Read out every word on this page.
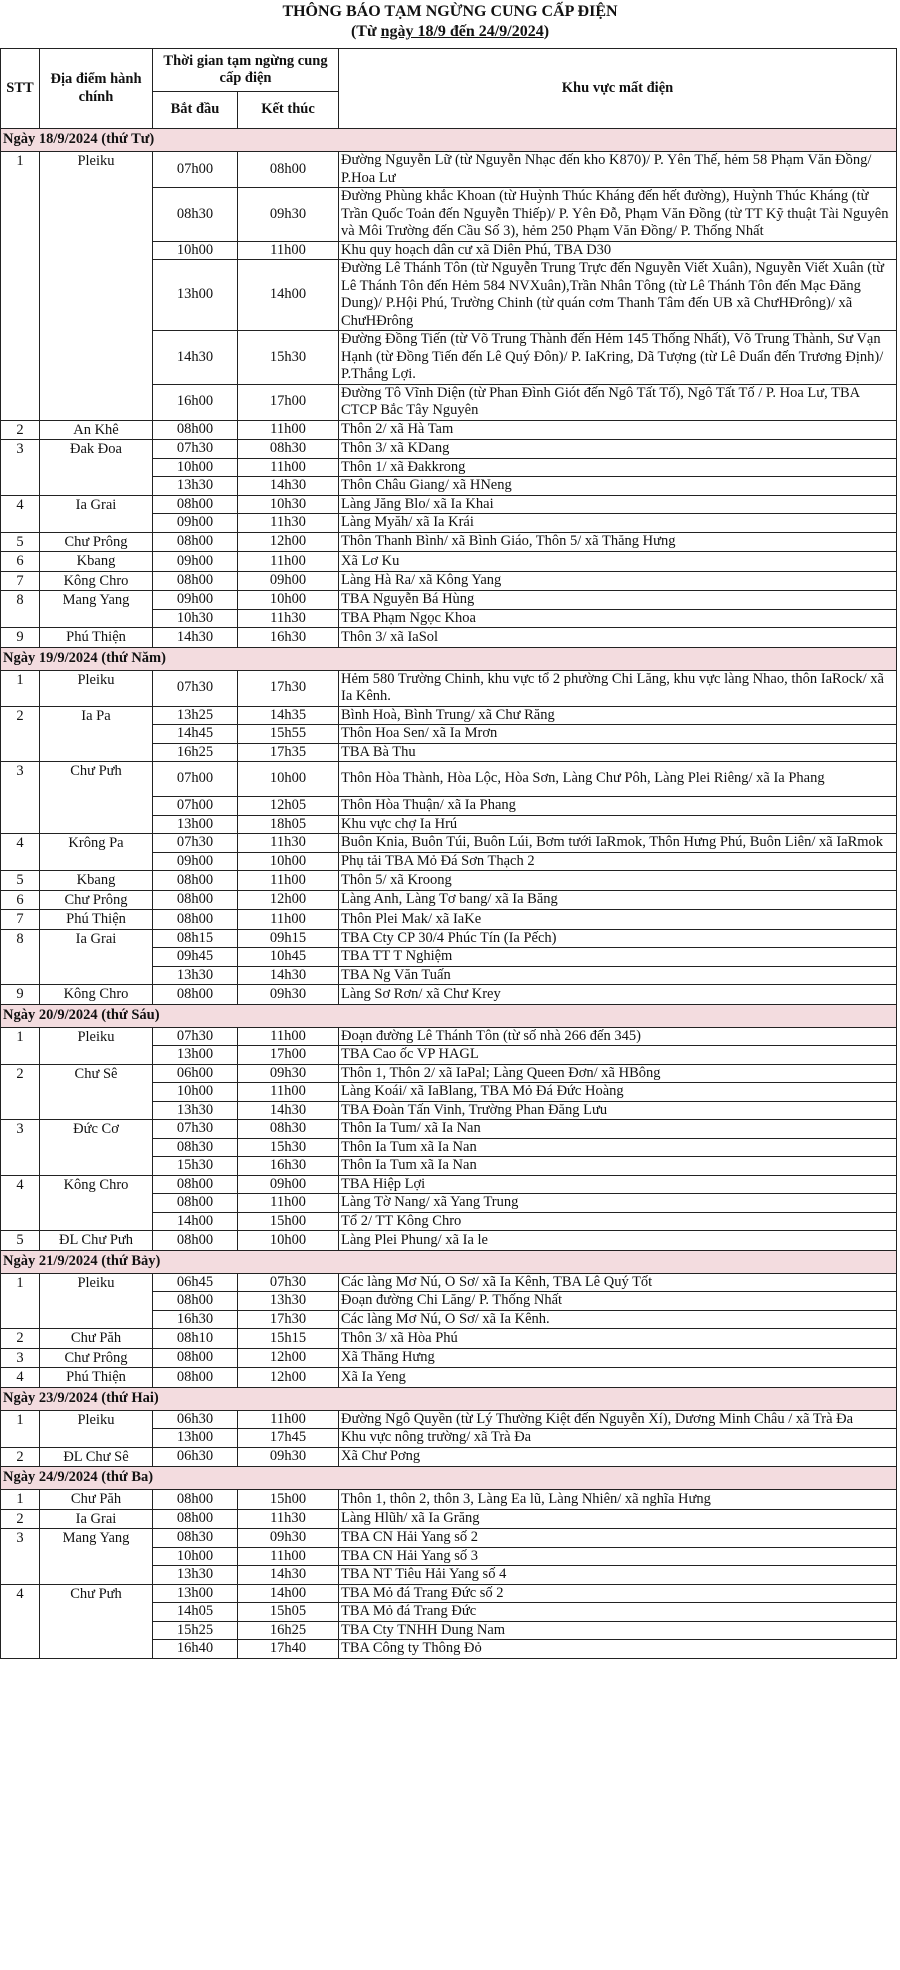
THÔNG BÁO TẠM NGỪNG CUNG CẤP ĐIỆN
(Từ ngày 18/9 đến 24/9/2024)
STT	Địa điểm hành chính	Thời gian tạm ngừng cung cấp điện		Khu vực mất điện
		Bắt đầu	Kết thúc	
Ngày 18/9/2024 (thứ Tư)				
1	Pleiku	07h00	08h00	Đường Nguyễn Lữ (từ Nguyễn Nhạc đến kho K870)/ P. Yên Thế, hẻm 58 Phạm Văn Đồng/ P.Hoa Lư
		08h30	09h30	Đường Phùng khắc Khoan (từ Huỳnh Thúc Kháng đến hết đường), Huỳnh Thúc Kháng (từ Trần Quốc Toản đến Nguyễn Thiếp)/ P. Yên Đỗ, Phạm Văn Đồng (từ TT Kỹ thuật Tài Nguyên và Môi Trường đến Cầu Số 3), hẻm 250 Phạm Văn Đồng/ P. Thống Nhất
		10h00	11h00	Khu quy hoạch dân cư xã Diên Phú, TBA D30
		13h00	14h00	Đường Lê Thánh Tôn (từ Nguyễn Trung Trực đến Nguyễn Viết Xuân), Nguyễn Viết Xuân (từ Lê Thánh Tôn đến Hẻm 584 NVXuân),Trần Nhân Tông (từ Lê Thánh Tôn đến Mạc Đăng Dung)/ P.Hội Phú, Trường Chinh (từ quán cơm Thanh Tâm đến UB xã ChưHĐrông)/ xã ChưHĐrông
		14h30	15h30	Đường Đồng Tiến (từ Võ Trung Thành đến Hẻm 145 Thống Nhất), Võ Trung Thành, Sư Vạn Hạnh (từ Đồng Tiến đến Lê Quý Đôn)/ P. IaKring, Dã Tượng (từ Lê Duẩn đến Trương Định)/ P.Thắng Lợi.
		16h00	17h00	Đường Tô Vĩnh Diện (từ Phan Đình Giót đến Ngô Tất Tố), Ngô Tất Tố / P. Hoa Lư, TBA CTCP Bắc Tây Nguyên
2	An Khê	08h00	11h00	Thôn 2/ xã Hà Tam
3	Đak Đoa	07h30	08h30	Thôn 3/ xã KDang
		10h00	11h00	Thôn 1/ xã Đakkrong
		13h30	14h30	Thôn Châu Giang/ xã HNeng
4	Ia Grai	08h00	10h30	Làng Jăng Blo/ xã Ia Khai
		09h00	11h30	Làng Myăh/ xã Ia Krái
5	Chư Prông	08h00	12h00	Thôn Thanh Bình/ xã Bình Giáo, Thôn 5/ xã Thăng Hưng
6	Kbang	09h00	11h00	Xã Lơ Ku
7	Kông Chro	08h00	09h00	Làng Hà Ra/ xã Kông Yang
8	Mang Yang	09h00	10h00	TBA Nguyễn Bá Hùng
		10h30	11h30	TBA Phạm Ngọc Khoa
9	Phú Thiện	14h30	16h30	Thôn 3/ xã IaSol
Ngày 19/9/2024 (thứ Năm)				
1	Pleiku	07h30	17h30	Hẻm 580 Trường Chinh, khu vực tổ 2 phường Chi Lăng, khu vực làng Nhao, thôn IaRock/ xã Ia Kênh.
2	Ia Pa	13h25	14h35	Bình Hoà, Bình Trung/ xã Chư Răng
		14h45	15h55	Thôn Hoa Sen/ xã Ia Mrơn
		16h25	17h35	TBA Bà Thu
3	Chư Pưh	07h00	10h00	Thôn Hòa Thành, Hòa Lộc, Hòa Sơn, Làng Chư Pôh, Làng Plei Riêng/ xã Ia Phang
		07h00	12h05	Thôn Hòa Thuận/ xã Ia Phang
		13h00	18h05	Khu vực chợ Ia Hrú
4	Krông Pa	07h30	11h30	Buôn Knia, Buôn Túi, Buôn Lúi, Bơm tưới IaRmok, Thôn Hưng Phú, Buôn Liên/ xã IaRmok
		09h00	10h00	Phụ tải TBA Mỏ Đá Sơn Thạch 2
5	Kbang	08h00	11h00	Thôn 5/ xã Kroong
6	Chư Prông	08h00	12h00	Làng Anh, Làng Tơ bang/ xã Ia Băng
7	Phú Thiện	08h00	11h00	Thôn Plei Mak/ xã IaKe
8	Ia Grai	08h15	09h15	TBA Cty CP 30/4 Phúc Tín (Ia Pếch)
		09h45	10h45	TBA TT T Nghiệm
		13h30	14h30	TBA Ng Văn Tuấn
9	Kông Chro	08h00	09h30	Làng Sơ Rơn/ xã Chư Krey
Ngày 20/9/2024 (thứ Sáu)				
1	Pleiku	07h30	11h00	Đoạn đường Lê Thánh Tôn (từ số nhà 266 đến 345)
		13h00	17h00	TBA Cao ốc VP HAGL
2	Chư Sê	06h00	09h30	Thôn 1, Thôn 2/ xã IaPal; Làng Queen Đơn/ xã HBông
		10h00	11h00	Làng Koái/ xã IaBlang, TBA Mỏ Đá Đức Hoàng
		13h30	14h30	TBA Đoàn Tấn Vinh, Trường Phan Đăng Lưu
3	Đức Cơ	07h30	08h30	Thôn Ia Tum/ xã Ia Nan
		08h30	15h30	Thôn Ia Tum xã Ia Nan
		15h30	16h30	Thôn Ia Tum xã Ia Nan
4	Kông Chro	08h00	09h00	TBA Hiệp Lợi
		08h00	11h00	Làng Tờ Nang/ xã Yang Trung
		14h00	15h00	Tổ 2/ TT Kông Chro
5	ĐL Chư Pưh	08h00	10h00	Làng Plei Phung/ xã Ia le
Ngày 21/9/2024 (thứ Bảy)				
1	Pleiku	06h45	07h30	Các làng Mơ Nú, O Sơ/ xã Ia Kênh, TBA Lê Quý Tốt
		08h00	13h30	Đoạn đường Chi Lăng/ P. Thống Nhất
		16h30	17h30	Các làng Mơ Nú, O Sơ/ xã Ia Kênh.
2	Chư Păh	08h10	15h15	Thôn 3/ xã Hòa Phú
3	Chư Prông	08h00	12h00	Xã Thăng Hưng
4	Phú Thiện	08h00	12h00	Xã Ia Yeng
Ngày 23/9/2024 (thứ Hai)				
1	Pleiku	06h30	11h00	Đường Ngô Quyền (từ Lý Thường Kiệt đến Nguyễn Xí), Dương Minh Châu / xã Trà Đa
		13h00	17h45	Khu vực nông trường/ xã Trà Đa
2	ĐL Chư Sê	06h30	09h30	Xã Chư Pơng
Ngày 24/9/2024 (thứ Ba)				
1	Chư Păh	08h00	15h00	Thôn 1, thôn 2, thôn 3, Làng Ea lũ, Làng Nhiên/ xã nghĩa Hưng
2	Ia Grai	08h00	11h30	Làng Hlũh/ xã Ia Grăng
3	Mang Yang	08h30	09h30	TBA CN Hải Yang số 2
		10h00	11h00	TBA CN Hải Yang số 3
		13h30	14h30	TBA NT Tiêu Hải Yang số 4
4	Chư Pưh	13h00	14h00	TBA Mỏ đá Trang Đức số 2
		14h05	15h05	TBA Mỏ đá Trang Đức
		15h25	16h25	TBA Cty TNHH Dung Nam
		16h40	17h40	TBA Công ty Thông Đỏ
